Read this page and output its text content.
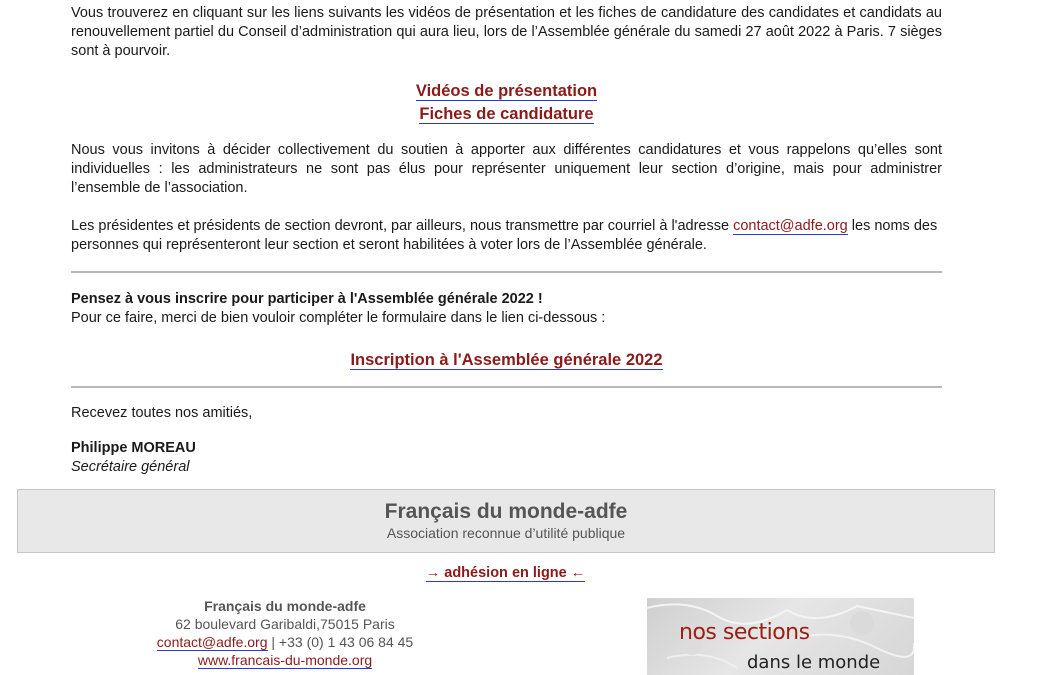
Vous trouverez en cliquant sur les liens suivants les vidéos de présentation et les fiches de candidature des candidates et candidats au renouvellement partiel du Conseil d’administration qui aura lieu, lors de l’Assemblée générale du samedi 27 août 2022 à Paris. 7 sièges sont à pourvoir.

Vidéos de présentation
Fiches de candidature

Nous vous invitons à décider collectivement du soutien à apporter aux différentes candidatures et vous rappelons qu’elles sont individuelles : les administrateurs ne sont pas élus pour représenter uniquement leur section d’origine, mais pour administrer l’ensemble de l’association.

Les présidentes et présidents de section devront, par ailleurs, nous transmettre par courriel à l'adresse contact@adfe.org les noms des personnes qui représenteront leur section et seront habilitées à voter lors de l’Assemblée générale.

Pensez à vous inscrire pour participer à l'Assemblée générale 2022 !

Pour ce faire, merci de bien vouloir compléter le formulaire dans le lien ci-dessous :

Inscription à l'Assemblée générale 2022

Recevez toutes nos amitiés,

Philippe MOREAU

Secrétaire général

Français du monde-adfe
Association reconnue d’utilité publique
→ adhésion en ligne ←
Français du monde-adfe
62 boulevard Garibaldi,75015 Paris
contact@adfe.org | +33 (0) 1 43 06 84 45
www.francais-du-monde.org
nos sections
dans le monde
